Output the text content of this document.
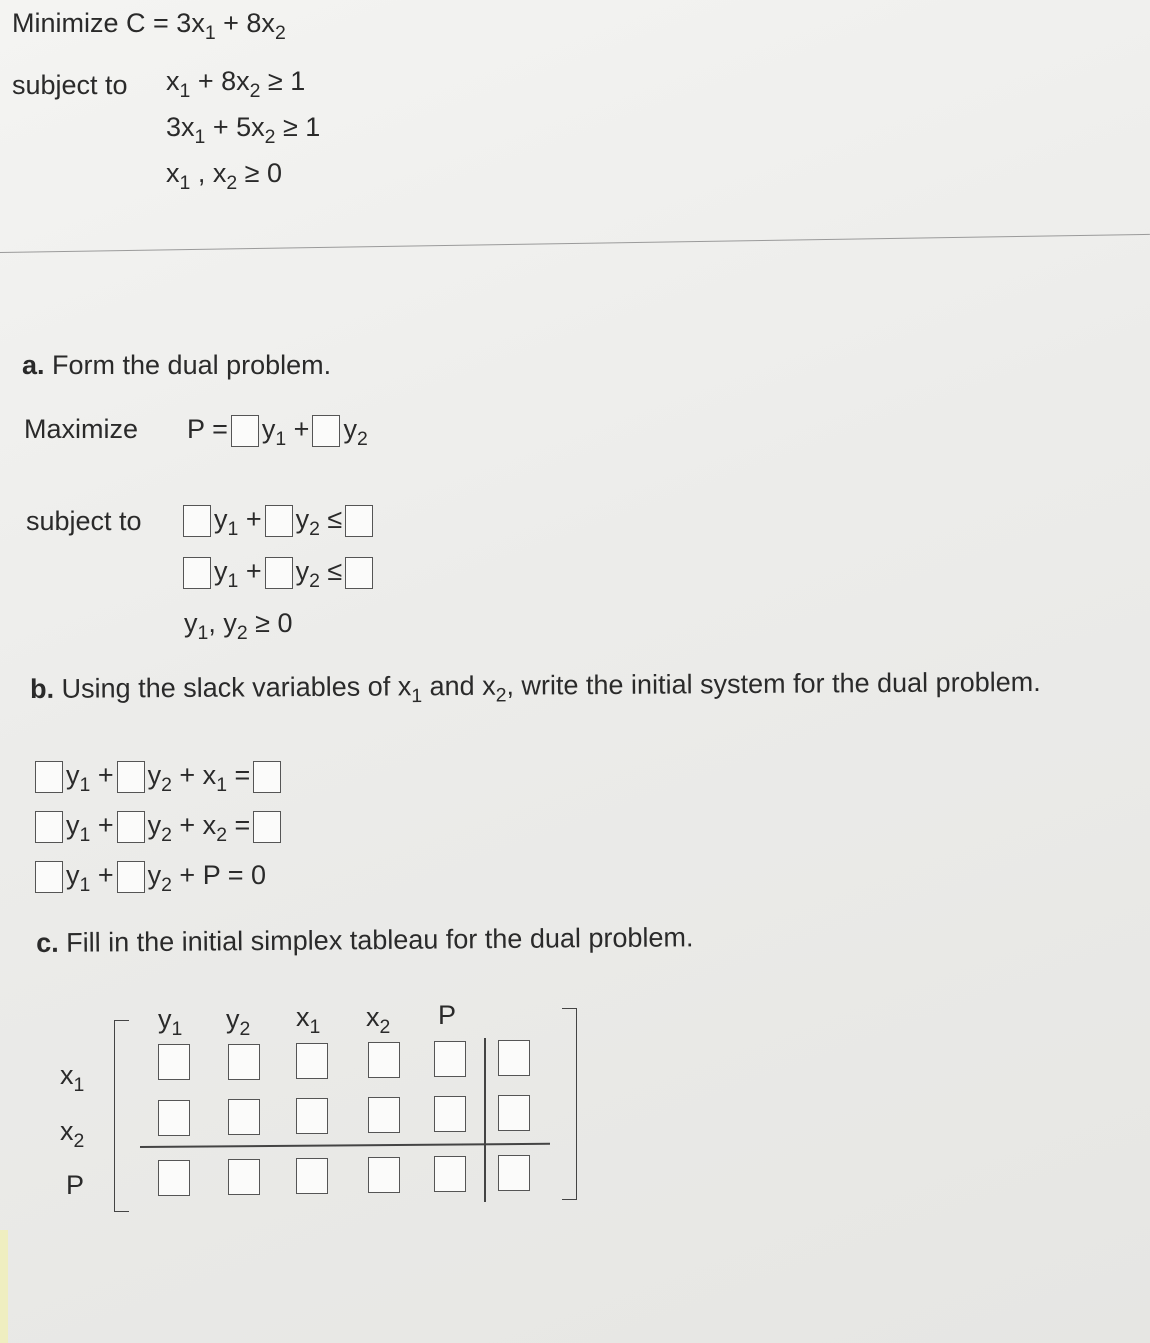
Minimize $C = 3x_1 + 8x_2$
subject to $x_1 + 8x_2 \ge 1$
$3x_1 + 5x_2 \ge 1$
$x_1$ , $x_2 \ge 0$
a. Form the dual problem.
Maximize $P = y_1 + y_2$
subject to	$y_1 + y_2$ ≤
$y_1 + y_2$ ≤
$y_1$, $y_2 \ge 0$
b. Using the slack variables of $x_1$ and $x_2$, write the initial system for the dual problem.
$y_1 + y_2 + x_1$ =
$y_1 + y_2 + x_2$ =
$y_1 + y_2 + P = 0$
c. Fill in the initial simplex tableau for the dual problem.
$y_1$ $y_2$ $x_1$ $x_2$ P
$x_1$
$x_2$
P
